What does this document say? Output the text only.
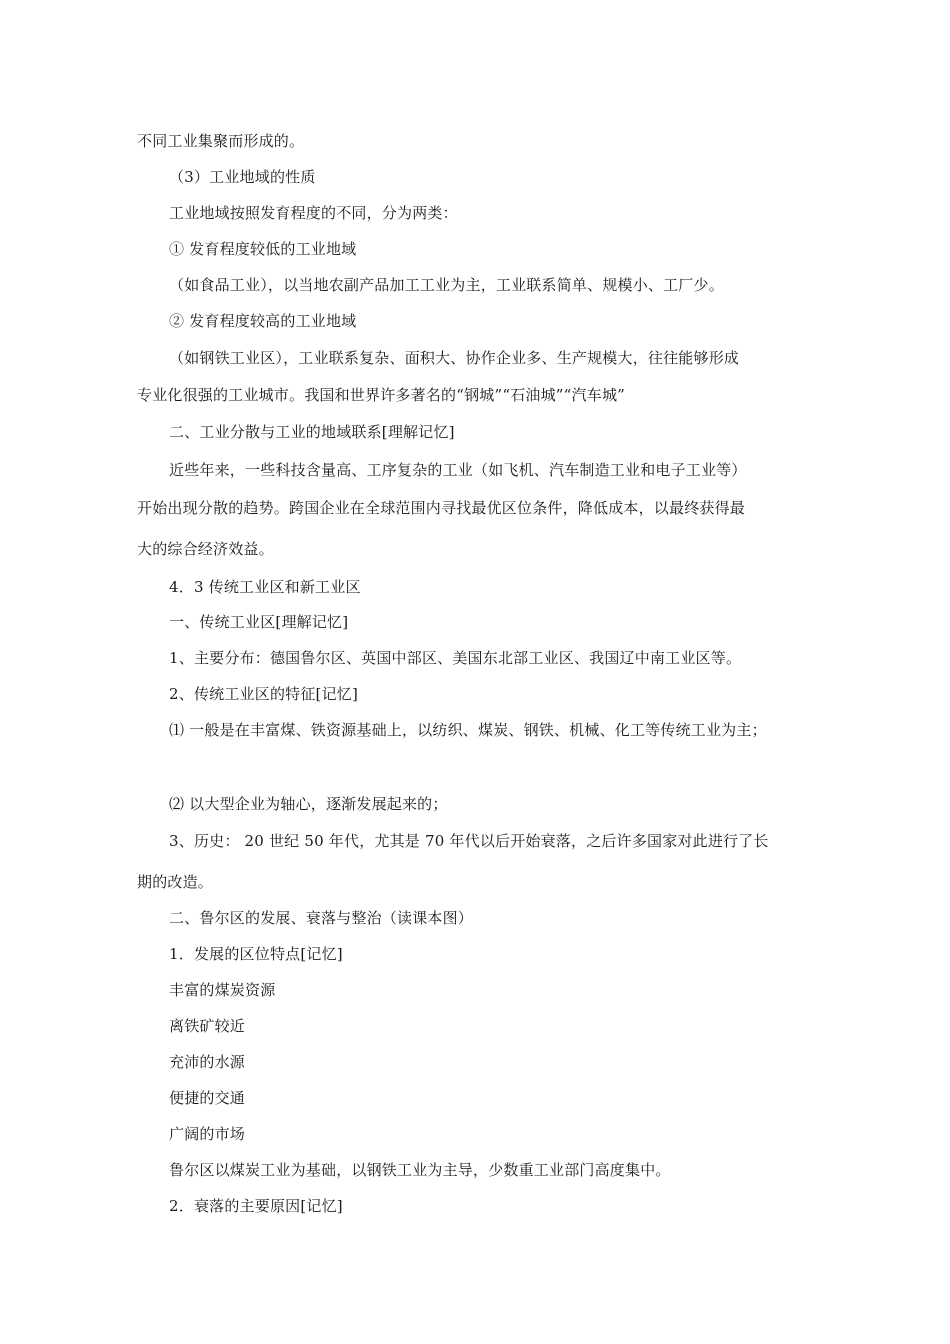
不同工业集聚而形成的。
（3）工业地域的性质
工业地域按照发育程度的不同，分为两类：
① 发育程度较低的工业地域
（如食品工业），以当地农副产品加工工业为主，工业联系简单、规模小、工厂少。
② 发育程度较高的工业地域
（如钢铁工业区），工业联系复杂、面积大、协作企业多、生产规模大，往往能够形成
专业化很强的工业城市。我国和世界许多著名的“钢城”“石油城”“汽车城”
二、工业分散与工业的地域联系[理解记忆]
近些年来，一些科技含量高、工序复杂的工业（如飞机、汽车制造工业和电子工业等）
开始出现分散的趋势。跨国企业在全球范围内寻找最优区位条件，降低成本，以最终获得最
大的综合经济效益。
4．3 传统工业区和新工业区
一、传统工业区[理解记忆]
1、主要分布：德国鲁尔区、英国中部区、美国东北部工业区、我国辽中南工业区等。
2、传统工业区的特征[记忆]
⑴ 一般是在丰富煤、铁资源基础上，以纺织、煤炭、钢铁、机械、化工等传统工业为主；
⑵ 以大型企业为轴心，逐渐发展起来的；
3、历史： 20 世纪 50 年代，尤其是 70 年代以后开始衰落，之后许多国家对此进行了长
期的改造。
二、鲁尔区的发展、衰落与整治（读课本图）
1．发展的区位特点[记忆]
丰富的煤炭资源
离铁矿较近
充沛的水源
便捷的交通
广阔的市场
鲁尔区以煤炭工业为基础，以钢铁工业为主导，少数重工业部门高度集中。
2．衰落的主要原因[记忆]
